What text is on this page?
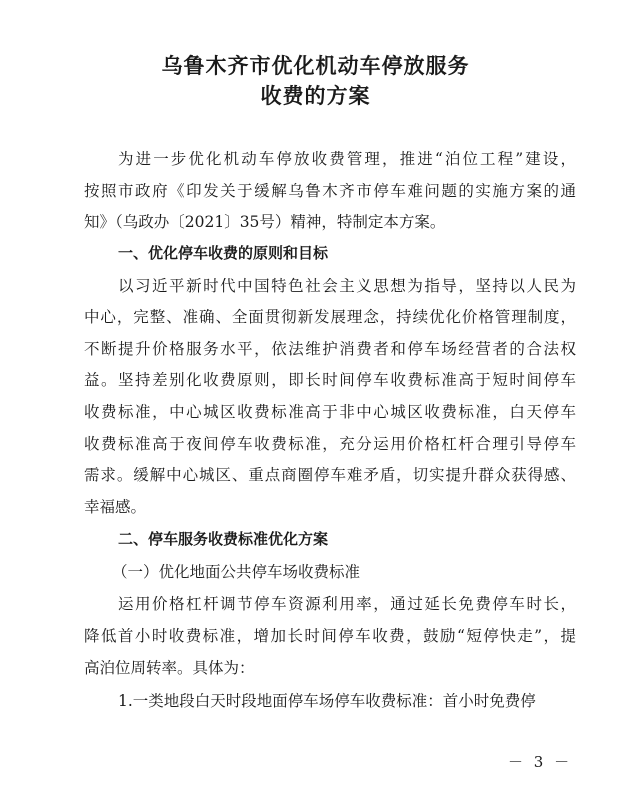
乌鲁木齐市优化机动车停放服务
收费的方案
为进一步优化机动车停放收费管理，推进“泊位工程”建设，
按照市政府《印发关于缓解乌鲁木齐市停车难问题的实施方案的通
知》（乌政办〔2021〕35号）精神，特制定本方案。
一、优化停车收费的原则和目标
以习近平新时代中国特色社会主义思想为指导，坚持以人民为
中心，完整、准确、全面贯彻新发展理念，持续优化价格管理制度，
不断提升价格服务水平，依法维护消费者和停车场经营者的合法权
益。坚持差别化收费原则，即长时间停车收费标准高于短时间停车
收费标准，中心城区收费标准高于非中心城区收费标准，白天停车
收费标准高于夜间停车收费标准，充分运用价格杠杆合理引导停车
需求。缓解中心城区、重点商圈停车难矛盾，切实提升群众获得感、
幸福感。
二、停车服务收费标准优化方案
（一）优化地面公共停车场收费标准
运用价格杠杆调节停车资源利用率，通过延长免费停车时长，
降低首小时收费标准，增加长时间停车收费，鼓励“短停快走”，提
高泊位周转率。具体为：
1.一类地段白天时段地面停车场停车收费标准：首小时免费停
－ 3 －
